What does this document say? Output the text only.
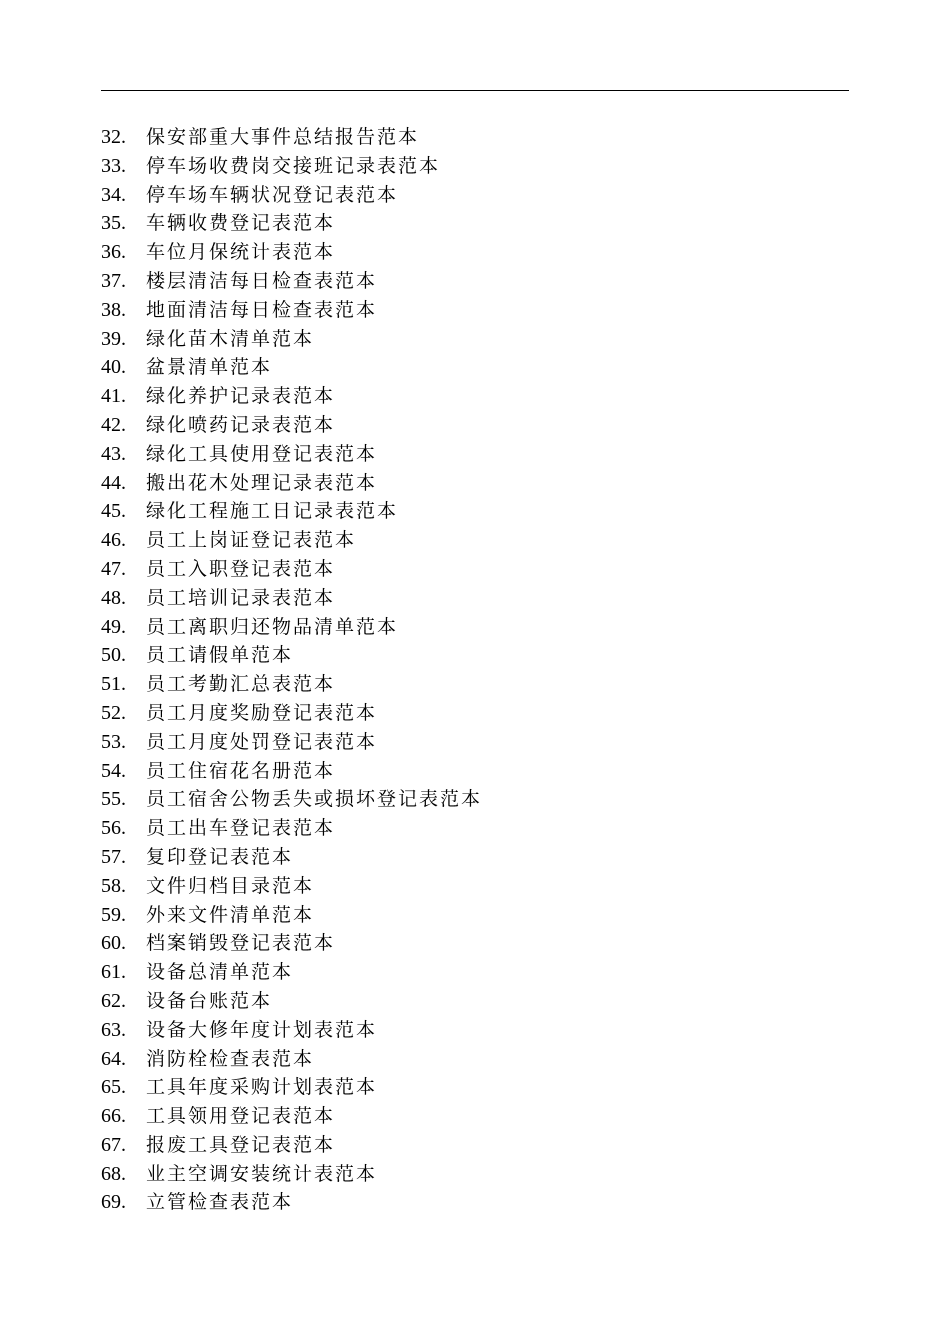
32.	保安部重大事件总结报告范本
33.	停车场收费岗交接班记录表范本
34.	停车场车辆状况登记表范本
35.	车辆收费登记表范本
36.	车位月保统计表范本
37.	楼层清洁每日检查表范本
38.	地面清洁每日检查表范本
39.	绿化苗木清单范本
40.	盆景清单范本
41.	绿化养护记录表范本
42.	绿化喷药记录表范本
43.	绿化工具使用登记表范本
44.	搬出花木处理记录表范本
45.	绿化工程施工日记录表范本
46.	员工上岗证登记表范本
47.	员工入职登记表范本
48.	员工培训记录表范本
49.	员工离职归还物品清单范本
50.	员工请假单范本
51.	员工考勤汇总表范本
52.	员工月度奖励登记表范本
53.	员工月度处罚登记表范本
54.	员工住宿花名册范本
55.	员工宿舍公物丢失或损坏登记表范本
56.	员工出车登记表范本
57.	复印登记表范本
58.	文件归档目录范本
59.	外来文件清单范本
60.	档案销毁登记表范本
61.	设备总清单范本
62.	设备台账范本
63.	设备大修年度计划表范本
64.	消防栓检查表范本
65.	工具年度采购计划表范本
66.	工具领用登记表范本
67.	报废工具登记表范本
68.	业主空调安装统计表范本
69.	立管检查表范本
